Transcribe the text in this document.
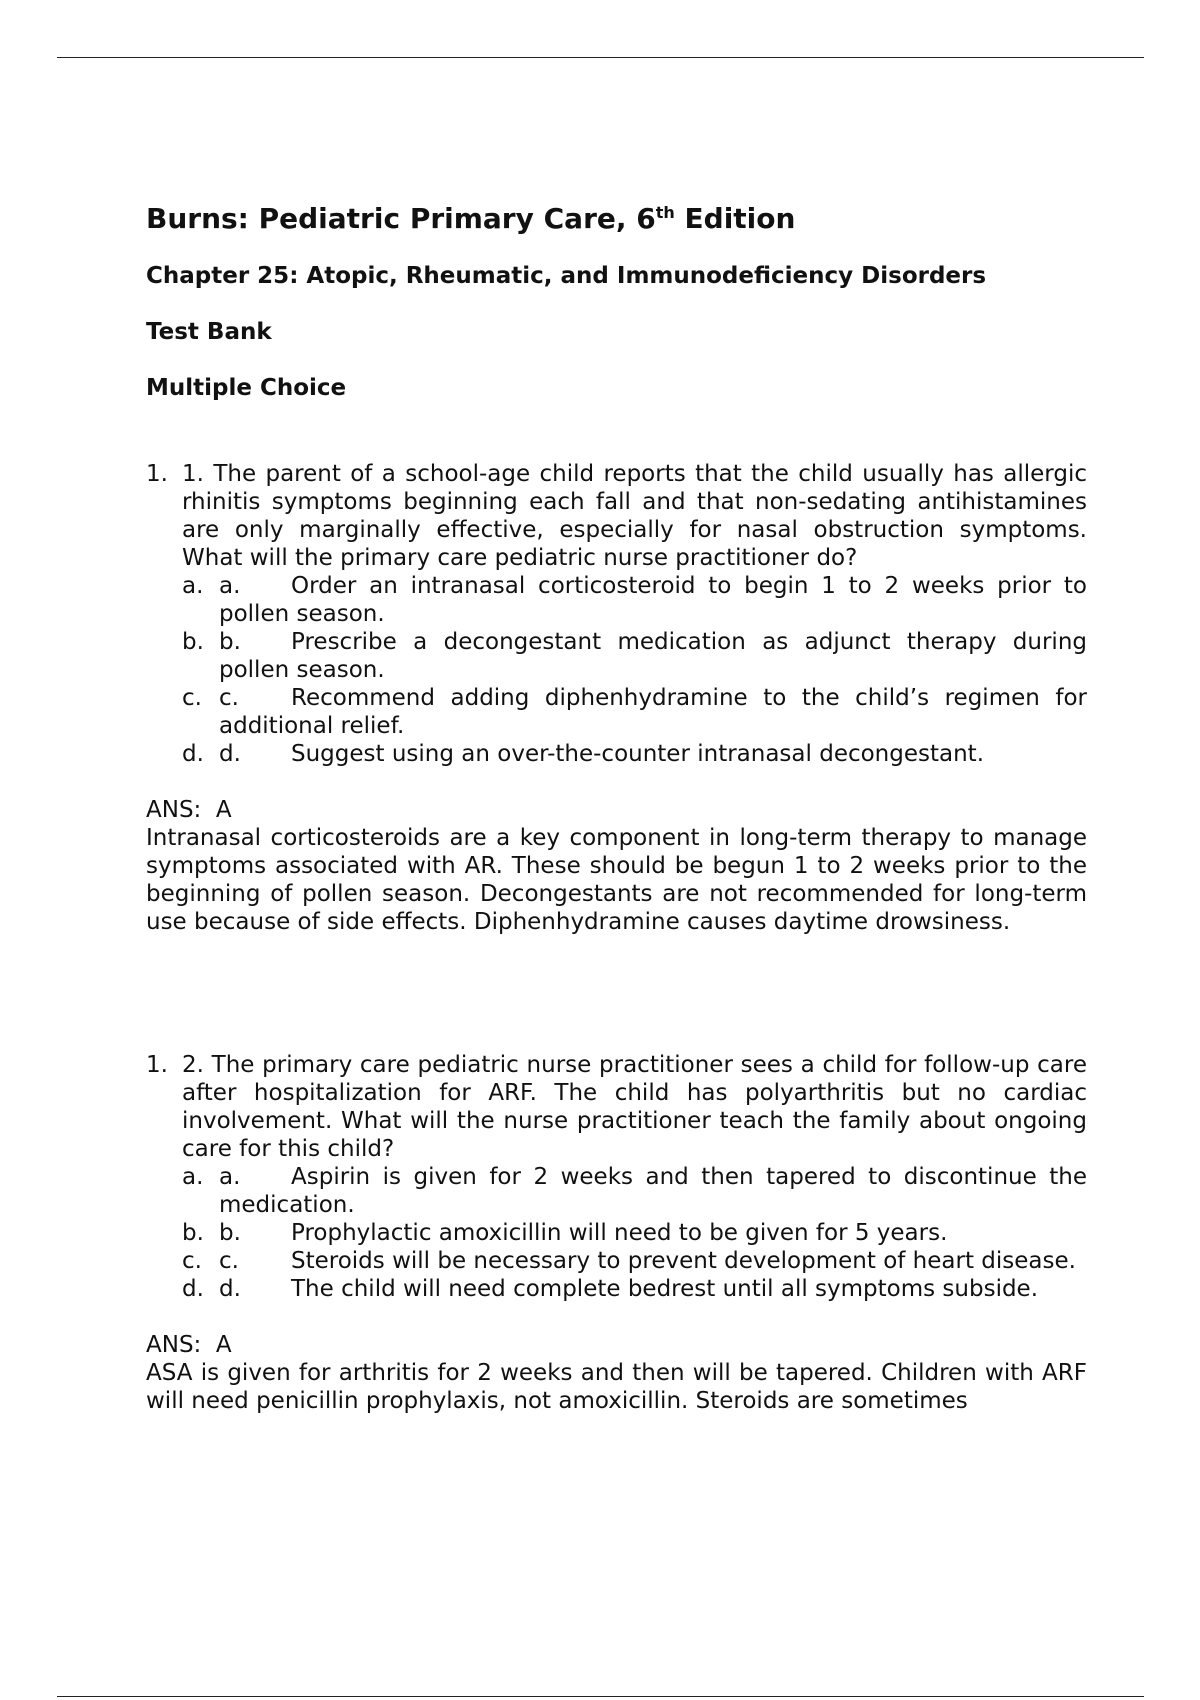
Burns: Pediatric Primary Care, 6th Edition
Chapter 25: Atopic, Rheumatic, and Immunodeficiency Disorders
Test Bank
Multiple Choice
1. 1. The parent of a school-age child reports that the child usually has allergic rhinitis symptoms beginning each fall and that non-sedating antihistamines are only marginally effective, especially for nasal obstruction symptoms. What will the primary care pediatric nurse practitioner do?
a. a. Order an intranasal corticosteroid to begin 1 to 2 weeks prior to pollen season.
b. b. Prescribe a decongestant medication as adjunct therapy during pollen season.
c. c. Recommend adding diphenhydramine to the child’s regimen for additional relief.
d. d. Suggest using an over-the-counter intranasal decongestant.
ANS: A
Intranasal corticosteroids are a key component in long-term therapy to manage symptoms associated with AR. These should be begun 1 to 2 weeks prior to the beginning of pollen season. Decongestants are not recommended for long-term use because of side effects. Diphenhydramine causes daytime drowsiness.
1. 2. The primary care pediatric nurse practitioner sees a child for follow-up care after hospitalization for ARF. The child has polyarthritis but no cardiac involvement. What will the nurse practitioner teach the family about ongoing care for this child?
a. a. Aspirin is given for 2 weeks and then tapered to discontinue the medication.
b. b. Prophylactic amoxicillin will need to be given for 5 years.
c. c. Steroids will be necessary to prevent development of heart disease.
d. d. The child will need complete bedrest until all symptoms subside.
ANS: A
ASA is given for arthritis for 2 weeks and then will be tapered. Children with ARF will need penicillin prophylaxis, not amoxicillin. Steroids are sometimes
